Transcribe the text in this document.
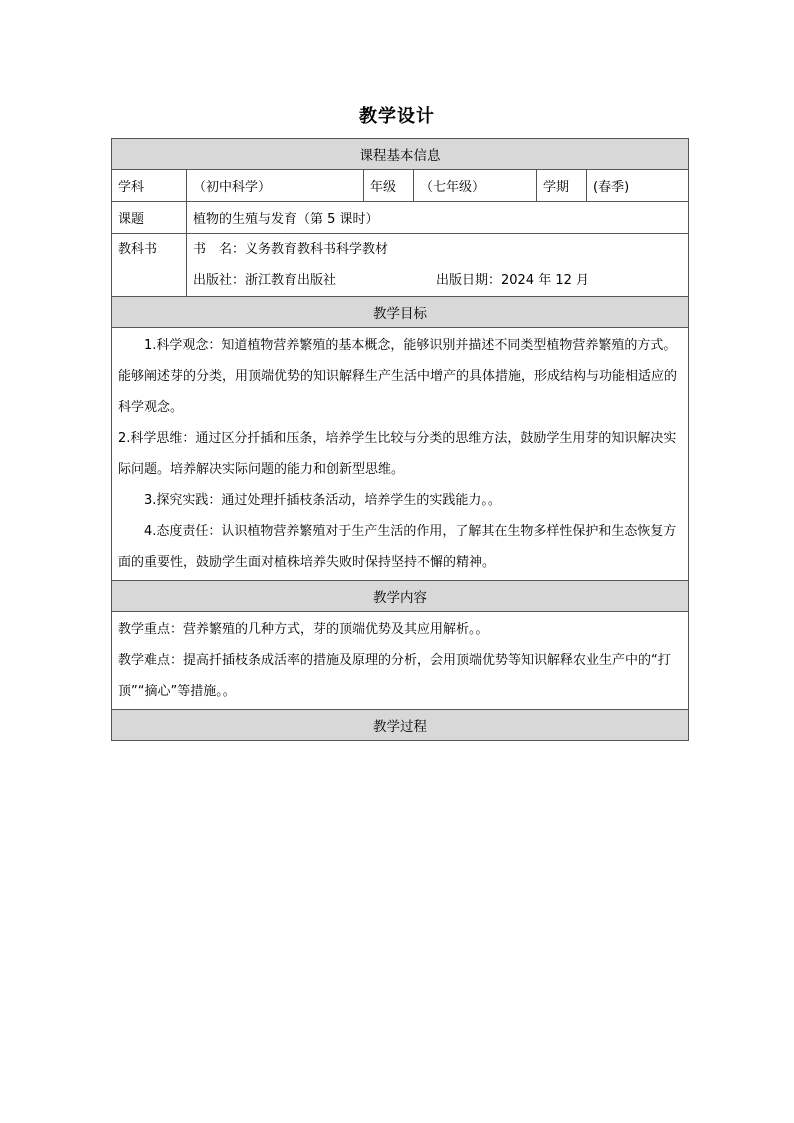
教学设计
课程基本信息					
学科	（初中科学）	年级	（七年级）	学期	(春季)
课题	植物的生殖与发育（第 5 课时）				

教科书	书　名：义务教育教科书科学教材
出版社：浙江教育出版社 出版日期：2024 年 12 月				

教学目标					

1.科学观念：知道植物营养繁殖的基本概念，能够识别并描述不同类型植物营养繁殖的方式。能够阐述芽的分类，用顶端优势的知识解释生产生活中增产的具体措施，形成结构与功能相适应的科学观念。

2.科学思维：通过区分扦插和压条，培养学生比较与分类的思维方法，鼓励学生用芽的知识解决实际问题。培养解决实际问题的能力和创新型思维。

3.探究实践：通过处理扦插枝条活动，培养学生的实践能力。。

4.态度责任：认识植物营养繁殖对于生产生活的作用，了解其在生物多样性保护和生态恢复方面的重要性，鼓励学生面对植株培养失败时保持坚持不懈的精神。					

教学内容					

教学重点：营养繁殖的几种方式，芽的顶端优势及其应用解析。。

教学难点：提高扦插枝条成活率的措施及原理的分析，会用顶端优势等知识解释农业生产中的“打顶”“摘心”等措施。。					

教学过程					
